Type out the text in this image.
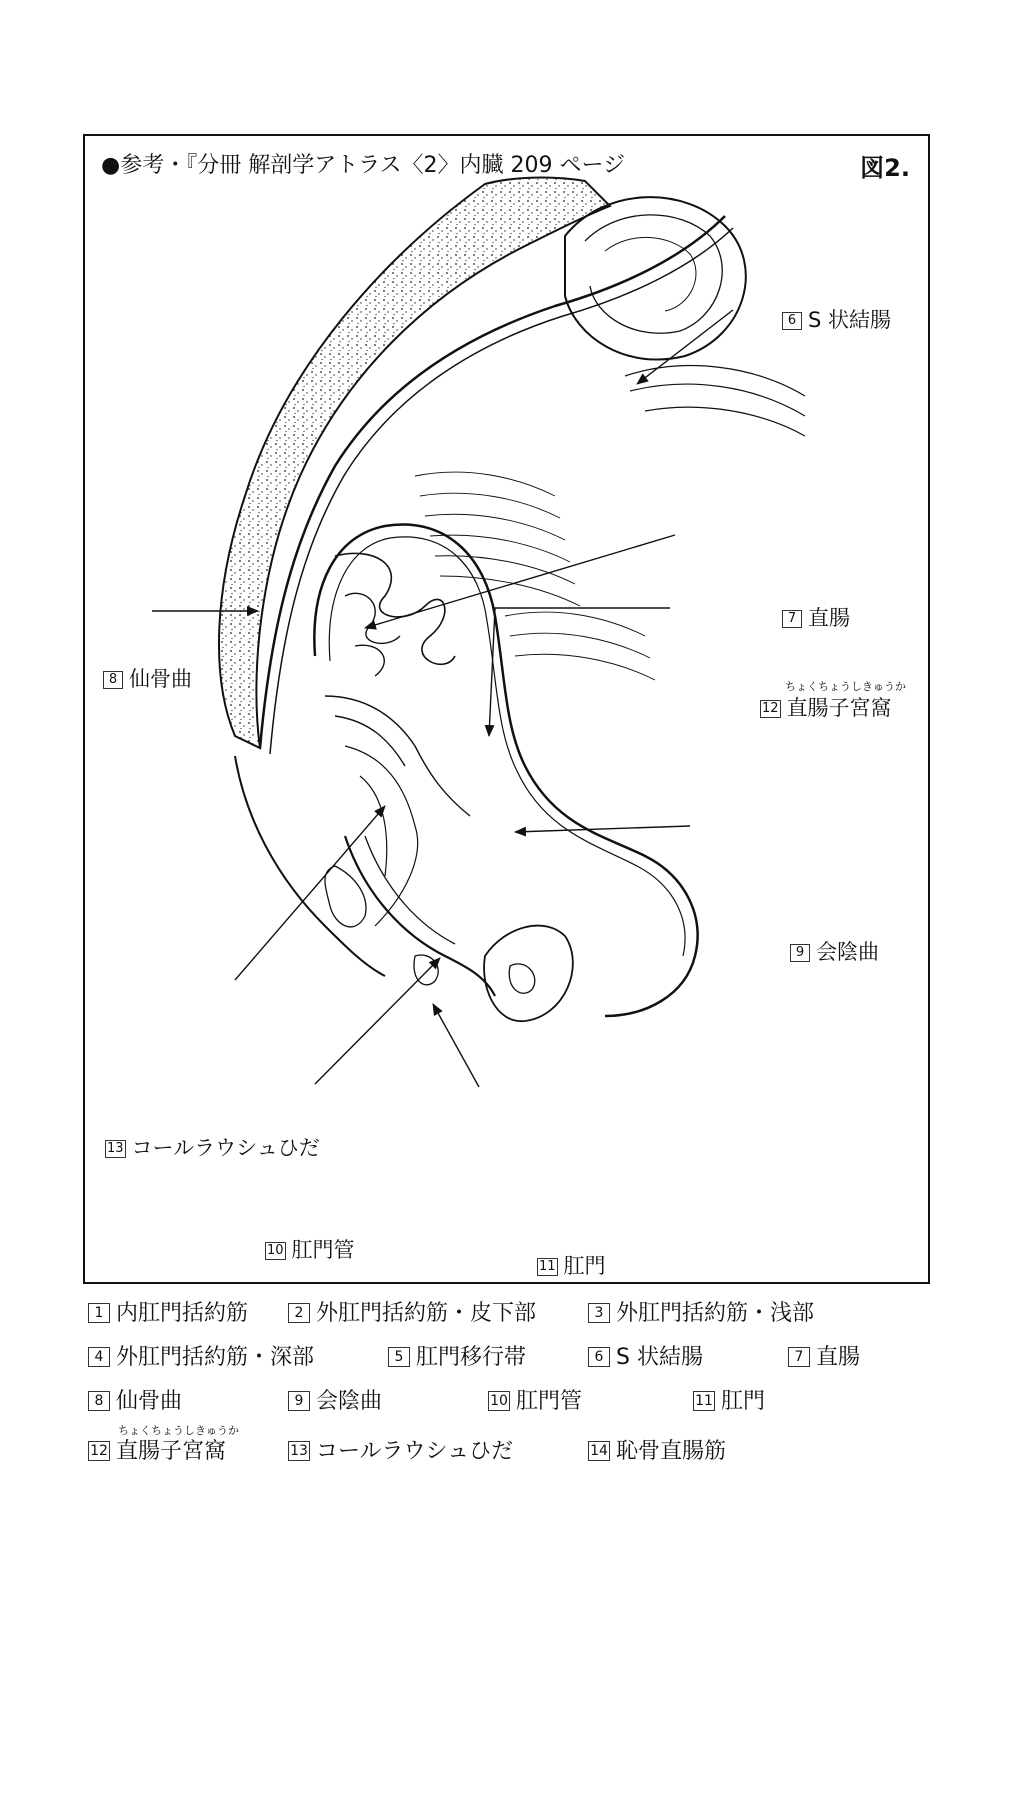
●参考・『分冊 解剖学アトラス〈2〉内臓 209 ページ	図2.
6 S 状結腸
7 直腸
8 仙骨曲	ちょくちょうしきゅうか
12 直腸子宮窩
9 会陰曲
13 コールラウシュひだ
10 肛門管
11 肛門
1 内肛門括約筋	2 外肛門括約筋・皮下部	3 外肛門括約筋・浅部
4 外肛門括約筋・深部	5 肛門移行帯	6 S 状結腸	7 直腸
8 仙骨曲	9 会陰曲	10 肛門管	11 肛門
ちょくちょうしきゅうか
12 直腸子宮窩	13 コールラウシュひだ	14 恥骨直腸筋
